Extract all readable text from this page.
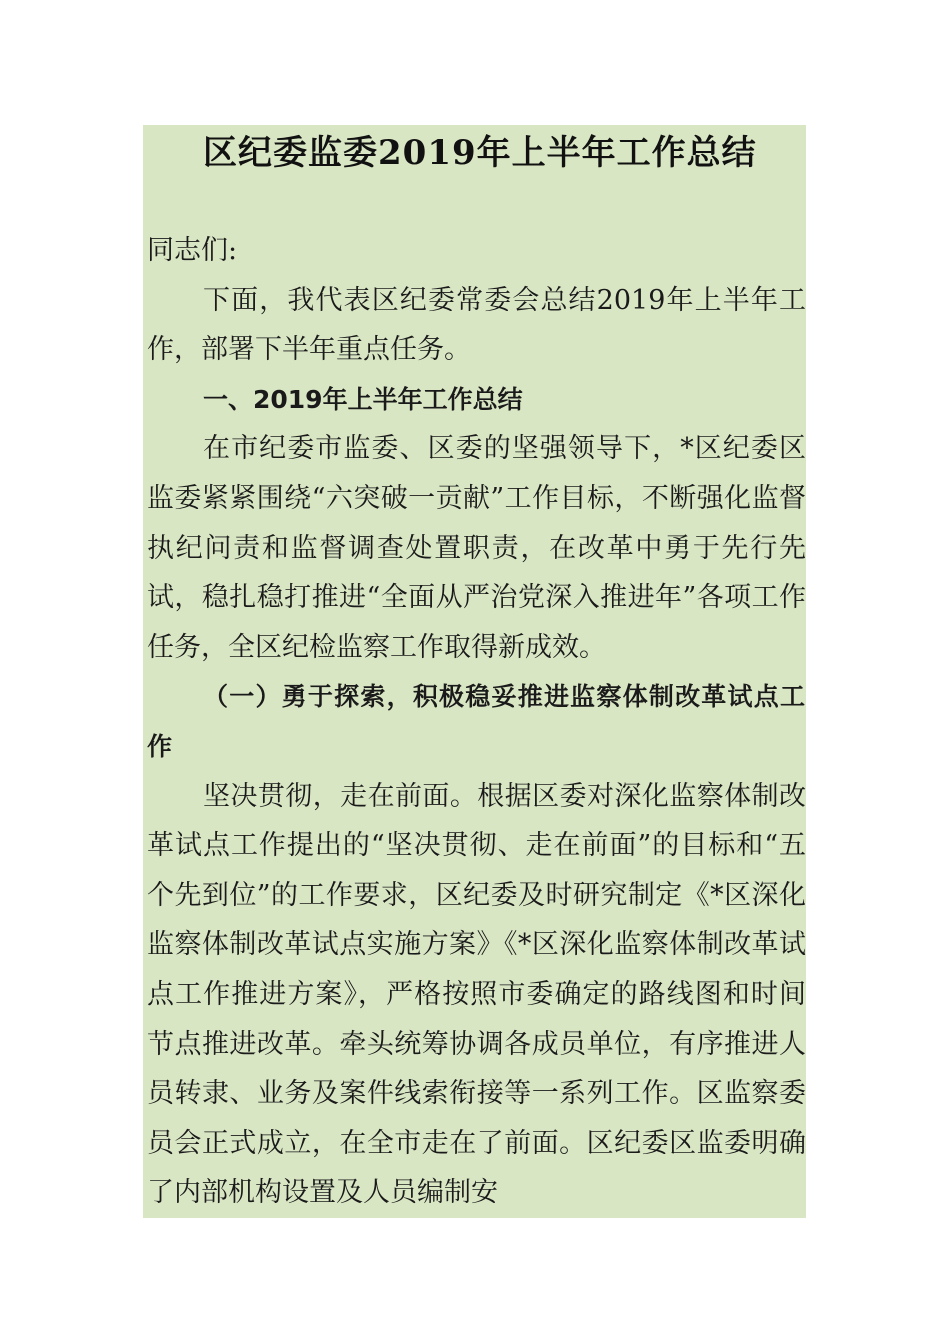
区纪委监委2019年上半年工作总结

同志们:

下面，我代表区纪委常委会总结2019年上半年工作，部署下半年重点任务。

一、2019年上半年工作总结

在市纪委市监委、区委的坚强领导下，*区纪委区监委紧紧围绕“六突破一贡献”工作目标，不断强化监督执纪问责和监督调查处置职责，在改革中勇于先行先试，稳扎稳打推进“全面从严治党深入推进年”各项工作任务，全区纪检监察工作取得新成效。

（一）勇于探索，积极稳妥推进监察体制改革试点工作

坚决贯彻，走在前面。根据区委对深化监察体制改革试点工作提出的“坚决贯彻、走在前面”的目标和“五个先到位”的工作要求，区纪委及时研究制定《*区深化监察体制改革试点实施方案》《*区深化监察体制改革试点工作推进方案》，严格按照市委确定的路线图和时间节点推进改革。牵头统筹协调各成员单位，有序推进人员转隶、业务及案件线索衔接等一系列工作。区监察委员会正式成立，在全市走在了前面。区纪委区监委明确了内部机构设置及人员编制安
